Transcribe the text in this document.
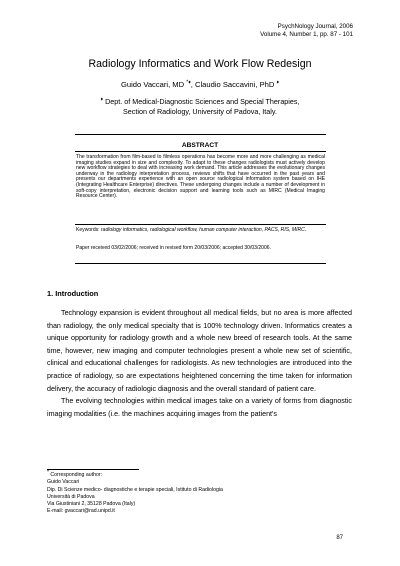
PsychNology Journal, 2006
Volume 4, Number 1, pp. 87 - 101
Radiology Informatics and Work Flow Redesign
Guido Vaccari, MD *♦, Claudio Saccavini, PhD ♦
♦ Dept. of Medical-Diagnostic Sciences and Special Therapies,
Section of Radiology, University of Padova, Italy.
ABSTRACT
The transformation from film-based to filmless operations has become more and more challenging as medical imaging studies expand in size and complexity. To adapt to these changes radiologists must actively develop new workflow strategies to deal with increasing work demand. This article addresses the evolutionary changes underway in the radiology interpretation process, reviews shifts that have occurred in the past years and presents our departments experience with an open source radiological information system based on IHE (Integrating Healthcare Enterprise) directives. These undergoing changes include a number of development in soft-copy interpretation, electronic decision support and learning tools such as MIRC (Medical Imaging Resource Center).
Keywords: radiology informatics, radiological workflow, human computer interaction, PACS, RIS, MIRC.
Paper received 03/02/2006; received in revised form 20/03/2006; accepted 30/03/2006.
1. Introduction

Technology expansion is evident throughout all medical fields, but no area is more affected than radiology, the only medical specialty that is 100% technology driven. Informatics creates a unique opportunity for radiology growth and a whole new breed of research tools. At the same time, however, new imaging and computer technologies present a whole new set of scientific, clinical and educational challenges for radiologists. As new technologies are introduced into the practice of radiology, so are expectations heightened concerning the time taken for information delivery, the accuracy of radiologic diagnosis and the overall standard of patient care.

The evolving technologies within medical images take on a variety of forms from diagnostic imaging modalities (i.e. the machines acquiring images from the patient's

* Corresponding author:
Guido Vaccari
Dip. Di Scienze medico- diagnostiche e terapie speciali, Istituto di Radiologia
Università di Padova
Via Giustiniani 2, 35128 Padova (Italy)
E-mail: gvaccari@rad.unipd.it
87
